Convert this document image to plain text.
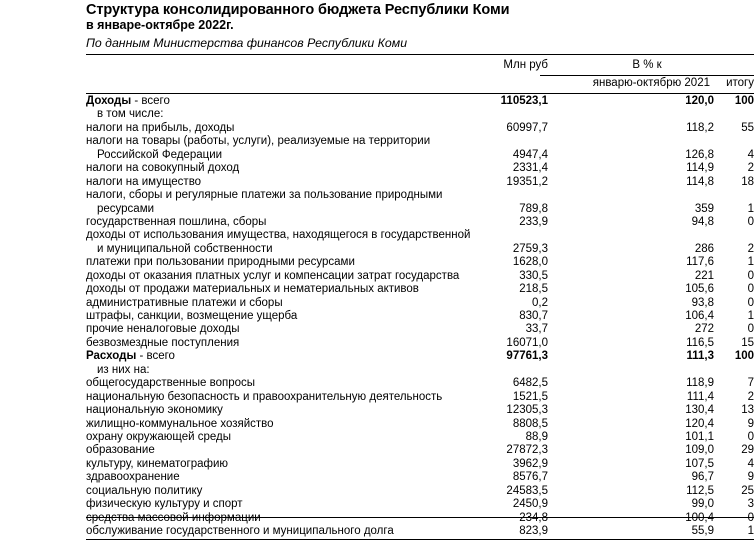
Структура консолидированного бюджета Республики Коми
в январе-октябре 2022г.
По данным Министерства финансов Республики Коми
Млн руб	В % к
январю-октябрю 2021	итогу
Доходы - всего	110523,1	120,0	100
в том числе:
налоги на прибыль, доходы	60997,7	118,2	55
налоги на товары (работы, услуги), реализуемые на территории
Российской Федерации	4947,4	126,8	4
налоги на совокупный доход	2331,4	114,9	2
налоги на имущество	19351,2	114,8	18
налоги, сборы и регулярные платежи за пользование природными
ресурсами	789,8	359	1
государственная пошлина, сборы	233,9	94,8	0
доходы от использования имущества, находящегося в государственной
и муниципальной собственности	2759,3	286	2
платежи при пользовании природными ресурсами	1628,0	117,6	1
доходы от оказания платных услуг и компенсации затрат государства	330,5	221	0
доходы от продажи материальных и нематериальных активов	218,5	105,6	0
административные платежи и сборы	0,2	93,8	0
штрафы, санкции, возмещение ущерба	830,7	106,4	1
прочие неналоговые доходы	33,7	272	0
безвозмездные поступления	16071,0	116,5	15
Расходы - всего	97761,3	111,3	100
из них на:
общегосударственные вопросы	6482,5	118,9	7
национальную безопасность и правоохранительную деятельность	1521,5	111,4	2
национальную экономику	12305,3	130,4	13
жилищно-коммунальное хозяйство	8808,5	120,4	9
охрану окружающей среды	88,9	101,1	0
образование	27872,3	109,0	29
культуру, кинематографию	3962,9	107,5	4
здравоохранение	8576,7	96,7	9
социальную политику	24583,5	112,5	25
физическую культуру и спорт	2450,9	99,0	3
средства массовой информации	234,8	100,4	0
обслуживание государственного и муниципального долга	823,9	55,9	1
